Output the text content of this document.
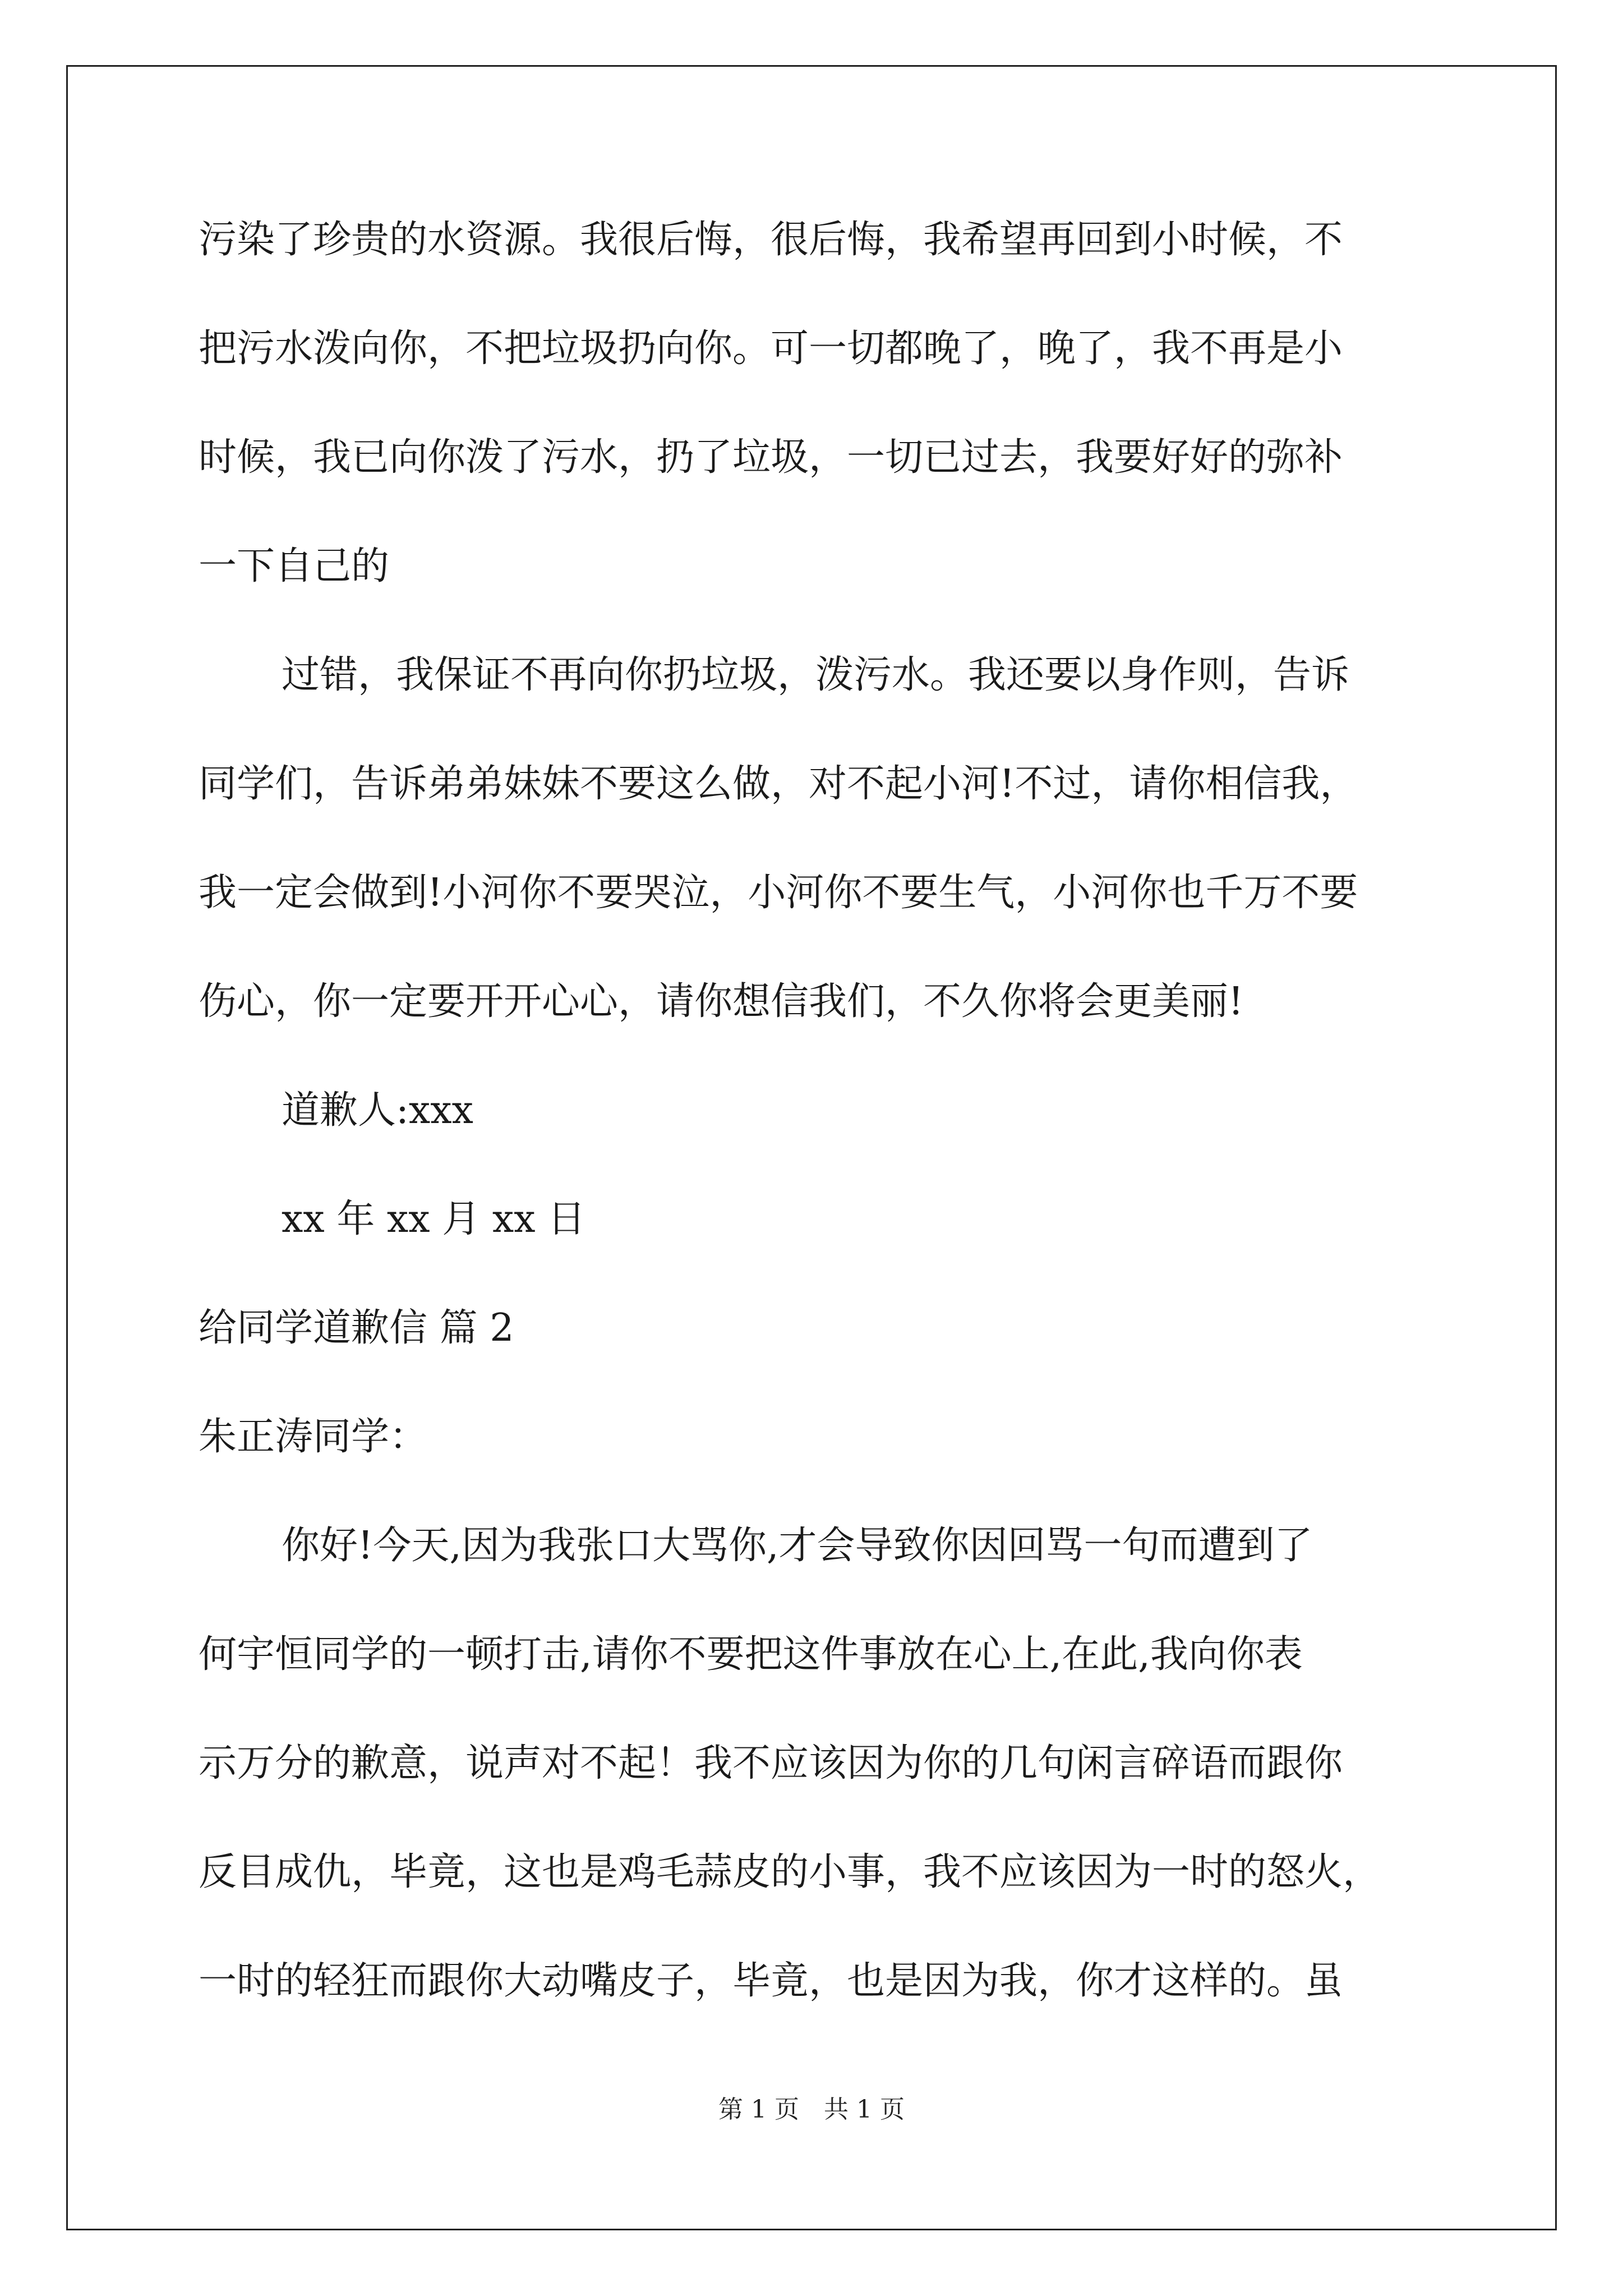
污染了珍贵的水资源。我很后悔，很后悔，我希望再回到小时候，不
把污水泼向你，不把垃圾扔向你。可一切都晚了，晚了，我不再是小
时候，我已向你泼了污水，扔了垃圾，一切已过去，我要好好的弥补
一下自己的
过错，我保证不再向你扔垃圾，泼污水。我还要以身作则，告诉
同学们，告诉弟弟妹妹不要这么做，对不起小河!不过，请你相信我，
我一定会做到!小河你不要哭泣，小河你不要生气，小河你也千万不要
伤心，你一定要开开心心，请你想信我们，不久你将会更美丽!
道歉人:xxx
xx 年 xx 月 xx 日
给同学道歉信 篇 2
朱正涛同学：
你好!今天,因为我张口大骂你,才会导致你因回骂一句而遭到了
何宇恒同学的一顿打击,请你不要把这件事放在心上,在此,我向你表
示万分的歉意，说声对不起！我不应该因为你的几句闲言碎语而跟你
反目成仇，毕竟，这也是鸡毛蒜皮的小事，我不应该因为一时的怒火，
一时的轻狂而跟你大动嘴皮子，毕竟，也是因为我，你才这样的。虽
第 1 页　共 1 页
